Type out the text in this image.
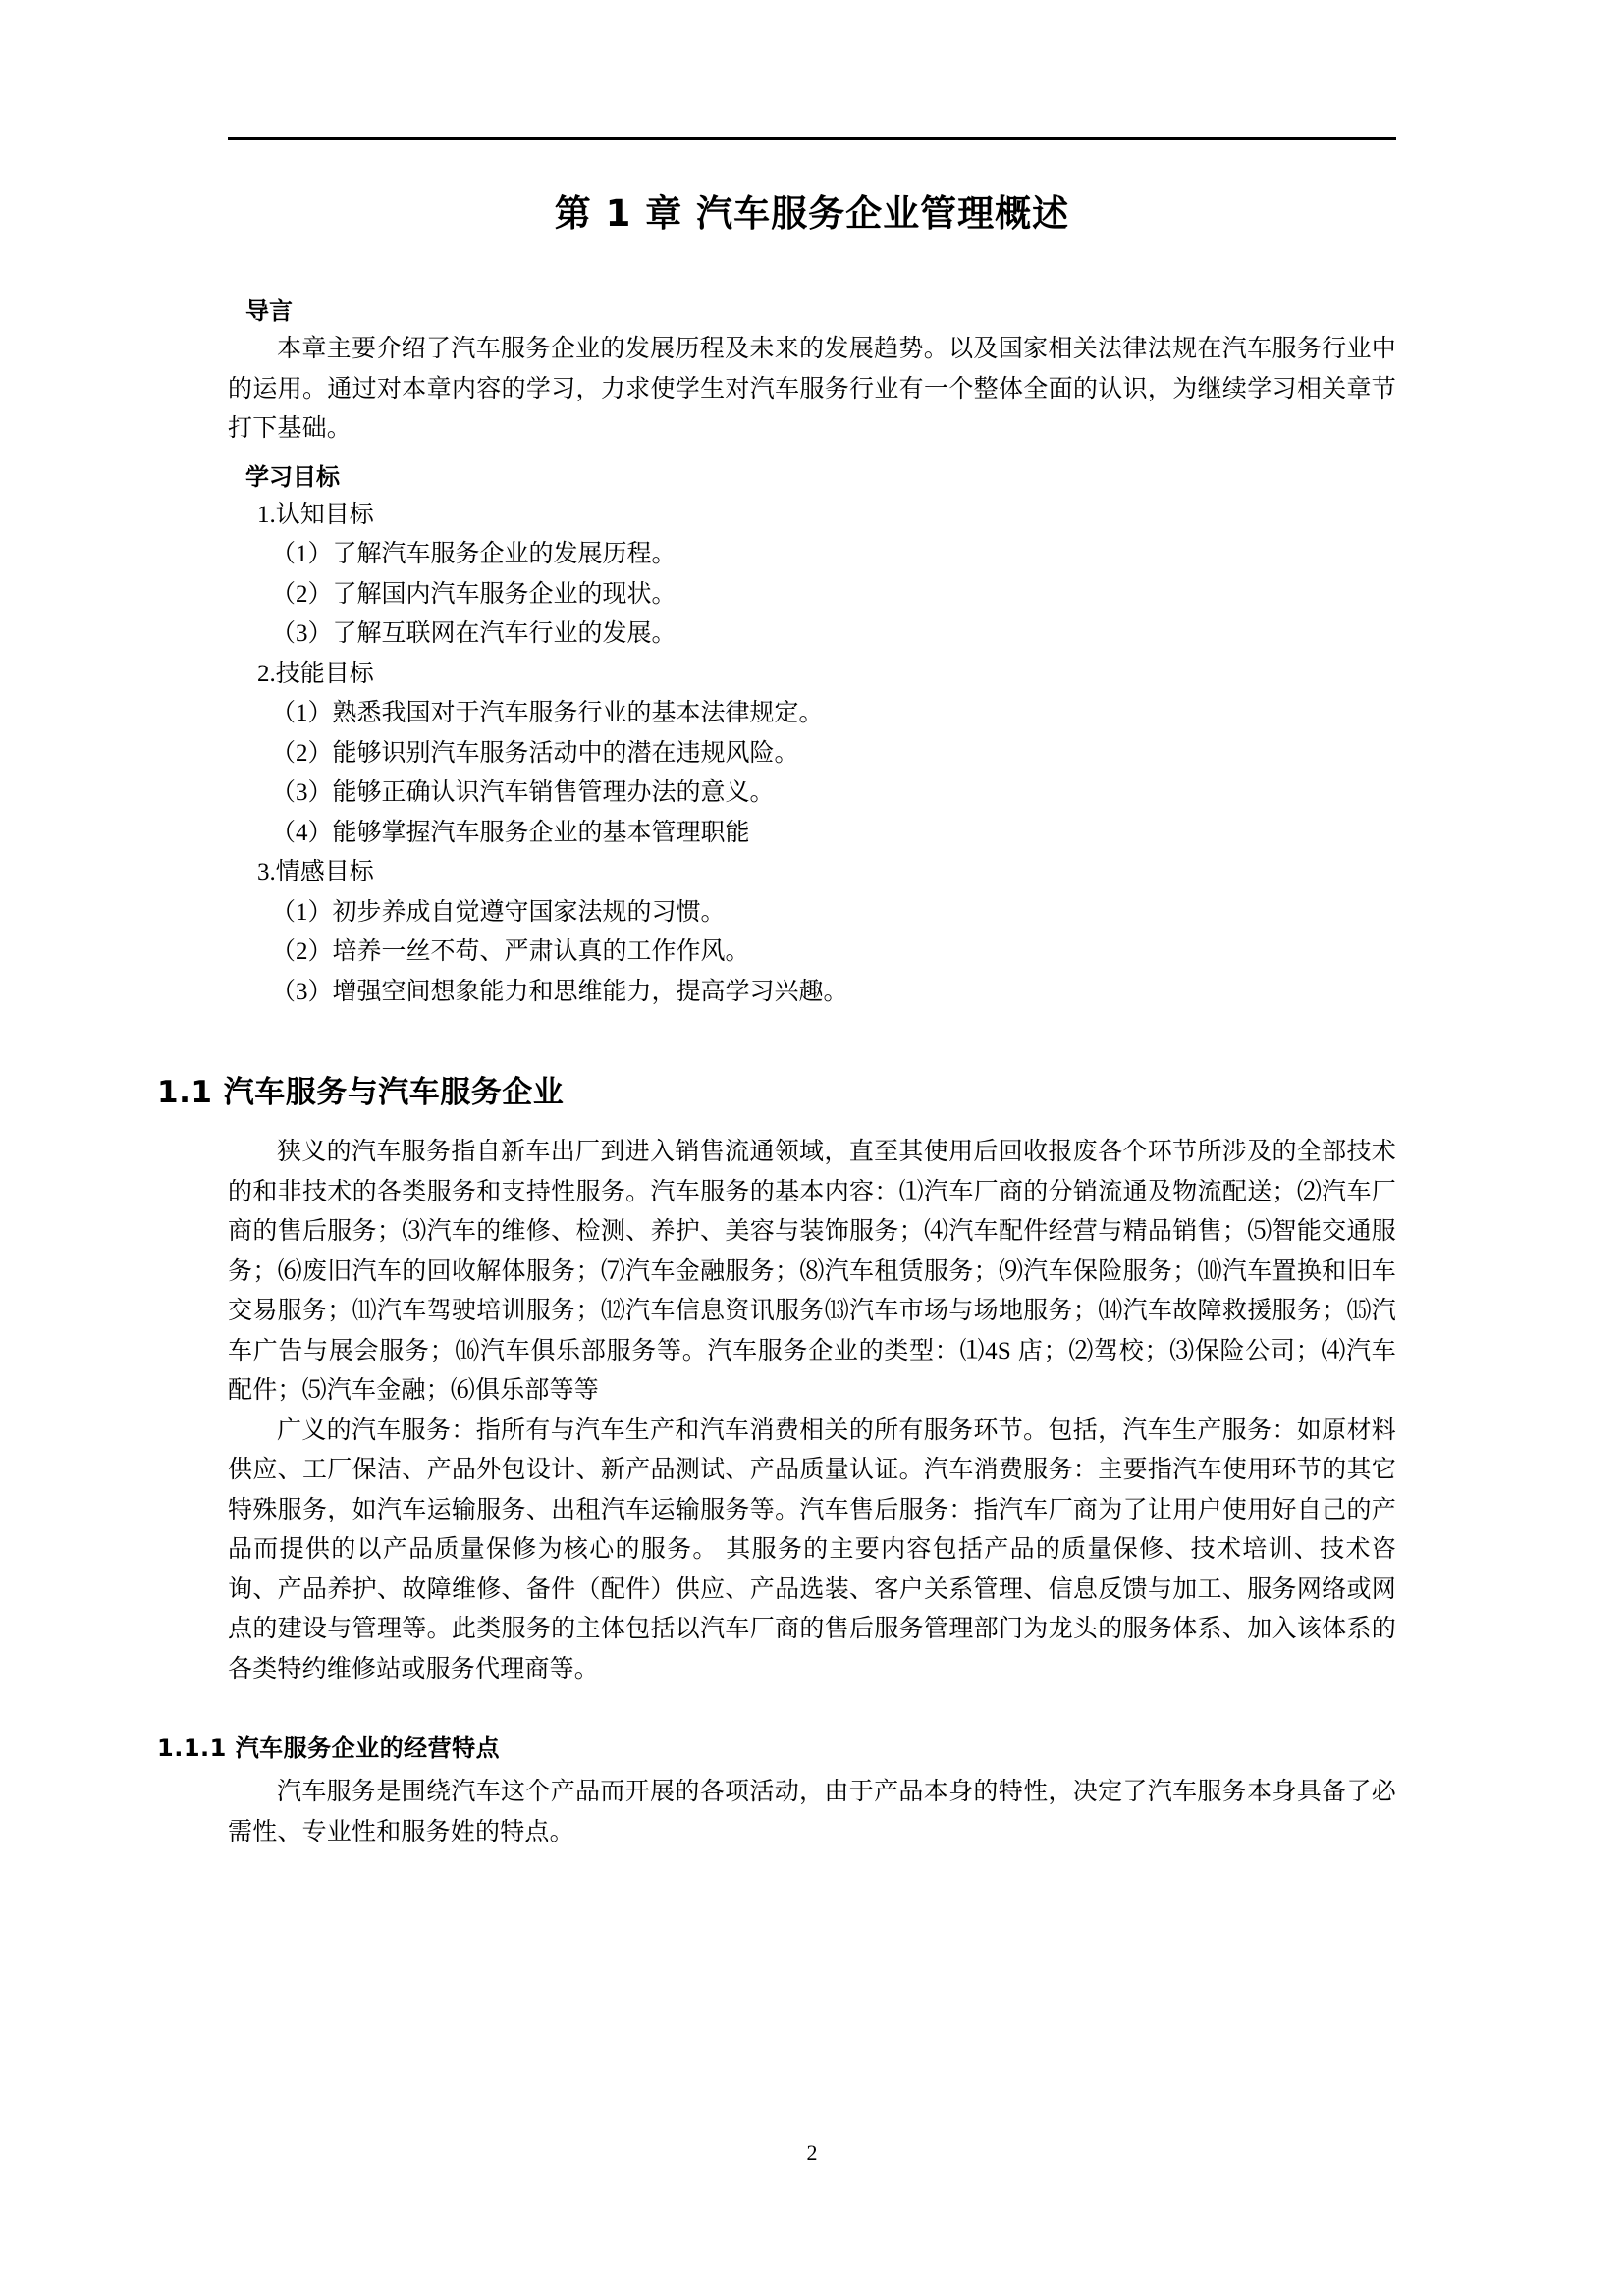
第 1 章 汽车服务企业管理概述
导言

本章主要介绍了汽车服务企业的发展历程及未来的发展趋势。以及国家相关法律法规在汽车服务行业中的运用。通过对本章内容的学习，力求使学生对汽车服务行业有一个整体全面的认识，为继续学习相关章节打下基础。

学习目标
1.认知目标
（1）了解汽车服务企业的发展历程。
（2）了解国内汽车服务企业的现状。
（3）了解互联网在汽车行业的发展。
2.技能目标
（1）熟悉我国对于汽车服务行业的基本法律规定。
（2）能够识别汽车服务活动中的潜在违规风险。
（3）能够正确认识汽车销售管理办法的意义。
（4）能够掌握汽车服务企业的基本管理职能
3.情感目标
（1）初步养成自觉遵守国家法规的习惯。
（2）培养一丝不苟、严肃认真的工作作风。
（3）增强空间想象能力和思维能力，提高学习兴趣。
1.1 汽车服务与汽车服务企业

狭义的汽车服务指自新车出厂到进入销售流通领域，直至其使用后回收报废各个环节所涉及的全部技术的和非技术的各类服务和支持性服务。汽车服务的基本内容：⑴汽车厂商的分销流通及物流配送；⑵汽车厂商的售后服务；⑶汽车的维修、检测、养护、美容与装饰服务；⑷汽车配件经营与精品销售；⑸智能交通服务；⑹废旧汽车的回收解体服务；⑺汽车金融服务；⑻汽车租赁服务；⑼汽车保险服务；⑽汽车置换和旧车交易服务；⑾汽车驾驶培训服务；⑿汽车信息资讯服务⒀汽车市场与场地服务；⒁汽车故障救援服务；⒂汽车广告与展会服务；⒃汽车俱乐部服务等。汽车服务企业的类型：⑴4S 店；⑵驾校；⑶保险公司；⑷汽车配件；⑸汽车金融；⑹俱乐部等等

广义的汽车服务：指所有与汽车生产和汽车消费相关的所有服务环节。包括，汽车生产服务：如原材料供应、工厂保洁、产品外包设计、新产品测试、产品质量认证。汽车消费服务：主要指汽车使用环节的其它特殊服务，如汽车运输服务、出租汽车运输服务等。汽车售后服务：指汽车厂商为了让用户使用好自己的产品而提供的以产品质量保修为核心的服务。 其服务的主要内容包括产品的质量保修、技术培训、技术咨询、产品养护、故障维修、备件（配件）供应、产品选装、客户关系管理、信息反馈与加工、服务网络或网点的建设与管理等。此类服务的主体包括以汽车厂商的售后服务管理部门为龙头的服务体系、加入该体系的各类特约维修站或服务代理商等。

1.1.1 汽车服务企业的经营特点

汽车服务是围绕汽车这个产品而开展的各项活动，由于产品本身的特性，决定了汽车服务本身具备了必需性、专业性和服务姓的特点。

2
